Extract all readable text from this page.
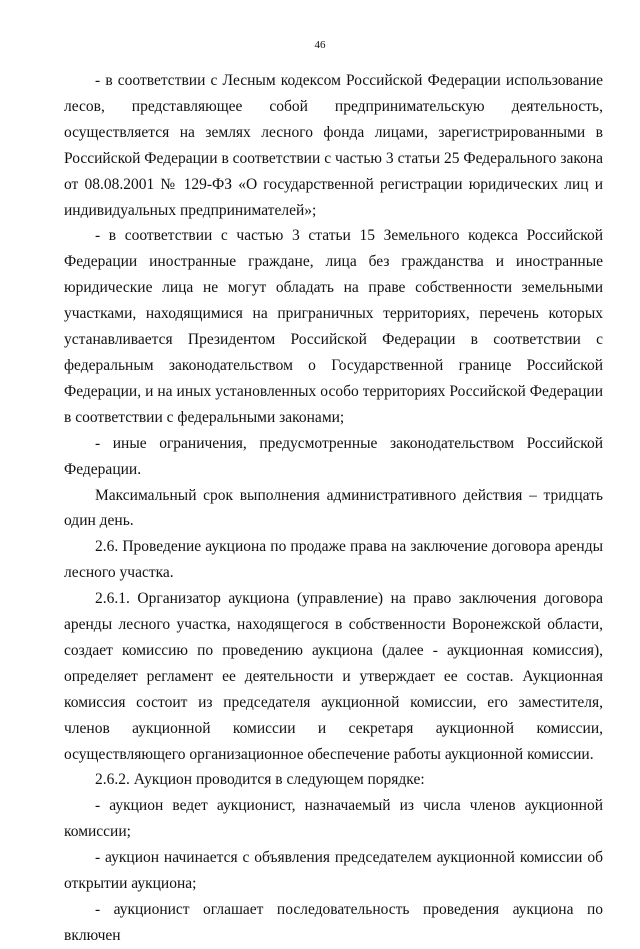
46

- в соответствии с Лесным кодексом Российской Федерации использование лесов, представляющее собой предпринимательскую деятельность, осуществляется на землях лесного фонда лицами, зарегистрированными в Российской Федерации в соответствии с частью 3 статьи 25 Федерального закона от 08.08.2001 № 129-ФЗ «О государственной регистрации юридических лиц и индивидуальных предпринимателей»;

- в соответствии с частью 3 статьи 15 Земельного кодекса Российской Федерации иностранные граждане, лица без гражданства и иностранные юридические лица не могут обладать на праве собственности земельными участками, находящимися на приграничных территориях, перечень которых устанавливается Президентом Российской Федерации в соответствии с федеральным законодательством о Государственной границе Российской Федерации, и на иных установленных особо территориях Российской Федерации в соответствии с федеральными законами;

- иные ограничения, предусмотренные законодательством Российской Федерации.

Максимальный срок выполнения административного действия – тридцать один день.

2.6. Проведение аукциона по продаже права на заключение договора аренды лесного участка.

2.6.1. Организатор аукциона (управление) на право заключения договора аренды лесного участка, находящегося в собственности Воронежской области, создает комиссию по проведению аукциона (далее - аукционная комиссия), определяет регламент ее деятельности и утверждает ее состав. Аукционная комиссия состоит из председателя аукционной комиссии, его заместителя, членов аукционной комиссии и секретаря аукционной комиссии, осуществляющего организационное обеспечение работы аукционной комиссии.

2.6.2. Аукцион проводится в следующем порядке:

- аукцион ведет аукционист, назначаемый из числа членов аукционной комиссии;

- аукцион начинается с объявления председателем аукционной комиссии об открытии аукциона;

- аукционист оглашает последовательность проведения аукциона по включен
